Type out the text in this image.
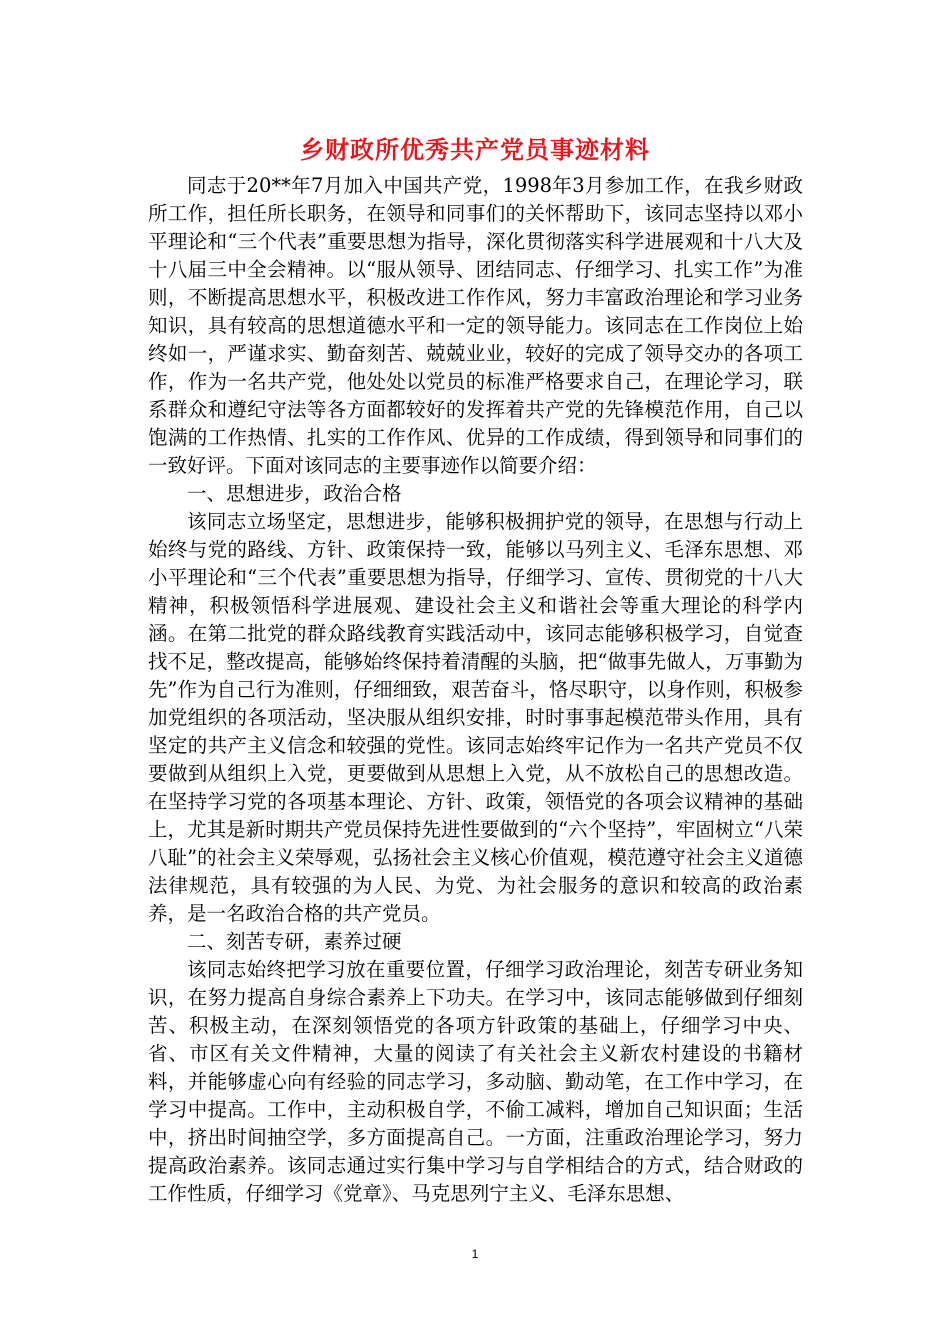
乡财政所优秀共产党员事迹材料

同志于20**年7月加入中国共产党，1998年3月参加工作，在我乡财政所工作，担任所长职务，在领导和同事们的关怀帮助下，该同志坚持以邓小平理论和“三个代表”重要思想为指导，深化贯彻落实科学进展观和十八大及十八届三中全会精神。以“服从领导、团结同志、仔细学习、扎实工作”为准则，不断提高思想水平，积极改进工作作风，努力丰富政治理论和学习业务知识，具有较高的思想道德水平和一定的领导能力。该同志在工作岗位上始终如一，严谨求实、勤奋刻苦、兢兢业业，较好的完成了领导交办的各项工作，作为一名共产党，他处处以党员的标准严格要求自己，在理论学习，联系群众和遵纪守法等各方面都较好的发挥着共产党的先锋模范作用，自己以饱满的工作热情、扎实的工作作风、优异的工作成绩，得到领导和同事们的一致好评。下面对该同志的主要事迹作以简要介绍：

一、思想进步，政治合格

该同志立场坚定，思想进步，能够积极拥护党的领导，在思想与行动上始终与党的路线、方针、政策保持一致，能够以马列主义、毛泽东思想、邓小平理论和“三个代表”重要思想为指导，仔细学习、宣传、贯彻党的十八大精神，积极领悟科学进展观、建设社会主义和谐社会等重大理论的科学内涵。在第二批党的群众路线教育实践活动中，该同志能够积极学习，自觉查找不足，整改提高，能够始终保持着清醒的头脑，把“做事先做人，万事勤为先”作为自己行为准则，仔细细致，艰苦奋斗，恪尽职守，以身作则，积极参加党组织的各项活动，坚决服从组织安排，时时事事起模范带头作用，具有坚定的共产主义信念和较强的党性。该同志始终牢记作为一名共产党员不仅要做到从组织上入党，更要做到从思想上入党，从不放松自己的思想改造。在坚持学习党的各项基本理论、方针、政策，领悟党的各项会议精神的基础上，尤其是新时期共产党员保持先进性要做到的“六个坚持”，牢固树立“八荣八耻”的社会主义荣辱观，弘扬社会主义核心价值观，模范遵守社会主义道德法律规范，具有较强的为人民、为党、为社会服务的意识和较高的政治素养，是一名政治合格的共产党员。

二、刻苦专研，素养过硬

该同志始终把学习放在重要位置，仔细学习政治理论，刻苦专研业务知识，在努力提高自身综合素养上下功夫。在学习中，该同志能够做到仔细刻苦、积极主动，在深刻领悟党的各项方针政策的基础上，仔细学习中央、省、市区有关文件精神，大量的阅读了有关社会主义新农村建设的书籍材料，并能够虚心向有经验的同志学习，多动脑、勤动笔，在工作中学习，在学习中提高。工作中，主动积极自学，不偷工减料，增加自己知识面；生活中，挤出时间抽空学，多方面提高自己。一方面，注重政治理论学习，努力提高政治素养。该同志通过实行集中学习与自学相结合的方式，结合财政的工作性质，仔细学习《党章》、马克思列宁主义、毛泽东思想、

1
